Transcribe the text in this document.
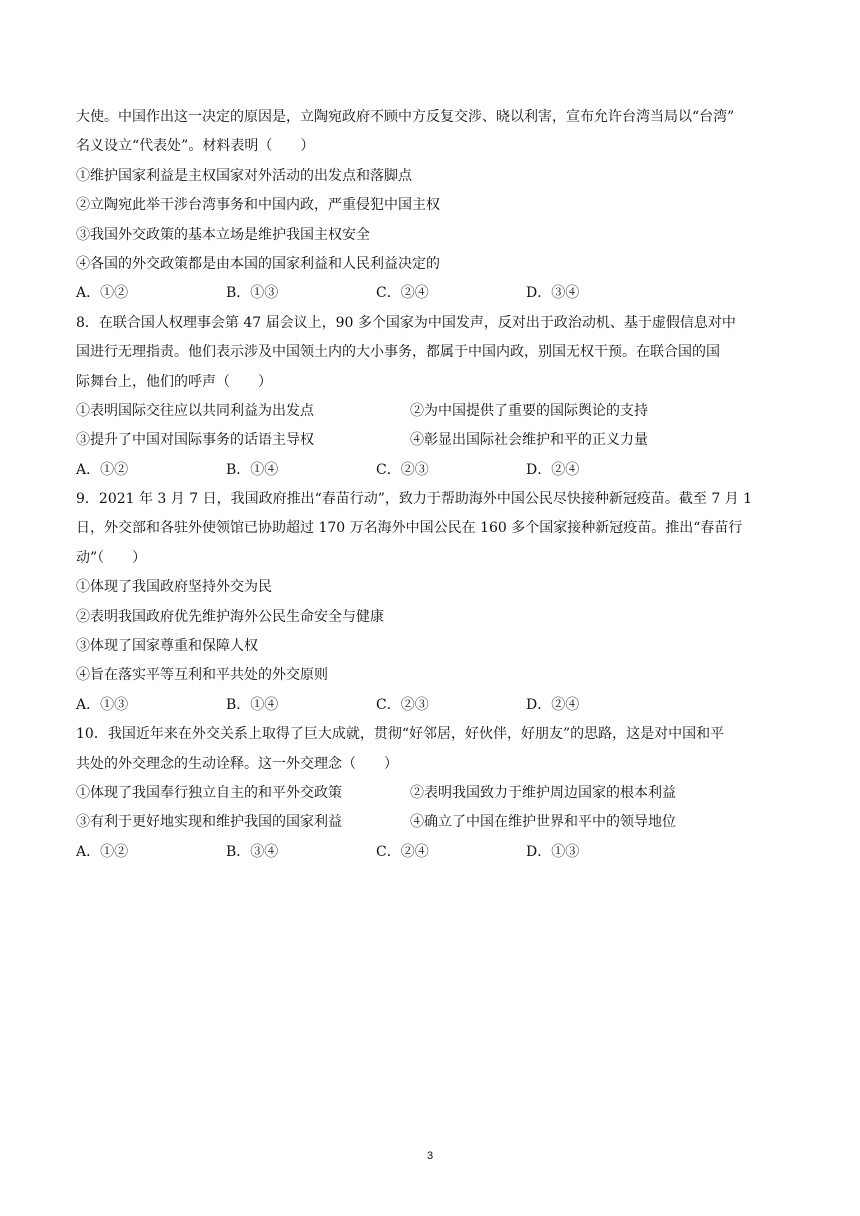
大使。中国作出这一决定的原因是，立陶宛政府不顾中方反复交涉、晓以利害，宣布允许台湾当局以“台湾”
名义设立“代表处”。材料表明（　　）
①维护国家利益是主权国家对外活动的出发点和落脚点
②立陶宛此举干涉台湾事务和中国内政，严重侵犯中国主权
③我国外交政策的基本立场是维护我国主权安全
④各国的外交政策都是由本国的国家利益和人民利益决定的
A．①②	B．①③	C．②④	D．③④
8．在联合国人权理事会第 47 届会议上，90 多个国家为中国发声，反对出于政治动机、基于虚假信息对中
国进行无理指责。他们表示涉及中国领土内的大小事务，都属于中国内政，别国无权干预。在联合国的国
际舞台上，他们的呼声（　　）
①表明国际交往应以共同利益为出发点	②为中国提供了重要的国际舆论的支持
③提升了中国对国际事务的话语主导权	④彰显出国际社会维护和平的正义力量
A．①②	B．①④	C．②③	D．②④
9．2021 年 3 月 7 日，我国政府推出“春苗行动”，致力于帮助海外中国公民尽快接种新冠疫苗。截至 7 月 1
日，外交部和各驻外使领馆已协助超过 170 万名海外中国公民在 160 多个国家接种新冠疫苗。推出“春苗行
动”（　　）
①体现了我国政府坚持外交为民
②表明我国政府优先维护海外公民生命安全与健康
③体现了国家尊重和保障人权
④旨在落实平等互利和平共处的外交原则
A．①③	B．①④	C．②③	D．②④
10．我国近年来在外交关系上取得了巨大成就，贯彻“好邻居，好伙伴，好朋友”的思路，这是对中国和平
共处的外交理念的生动诠释。这一外交理念（　　）
①体现了我国奉行独立自主的和平外交政策	②表明我国致力于维护周边国家的根本利益
③有利于更好地实现和维护我国的国家利益	④确立了中国在维护世界和平中的领导地位
A．①②	B．③④	C．②④	D．①③
3
